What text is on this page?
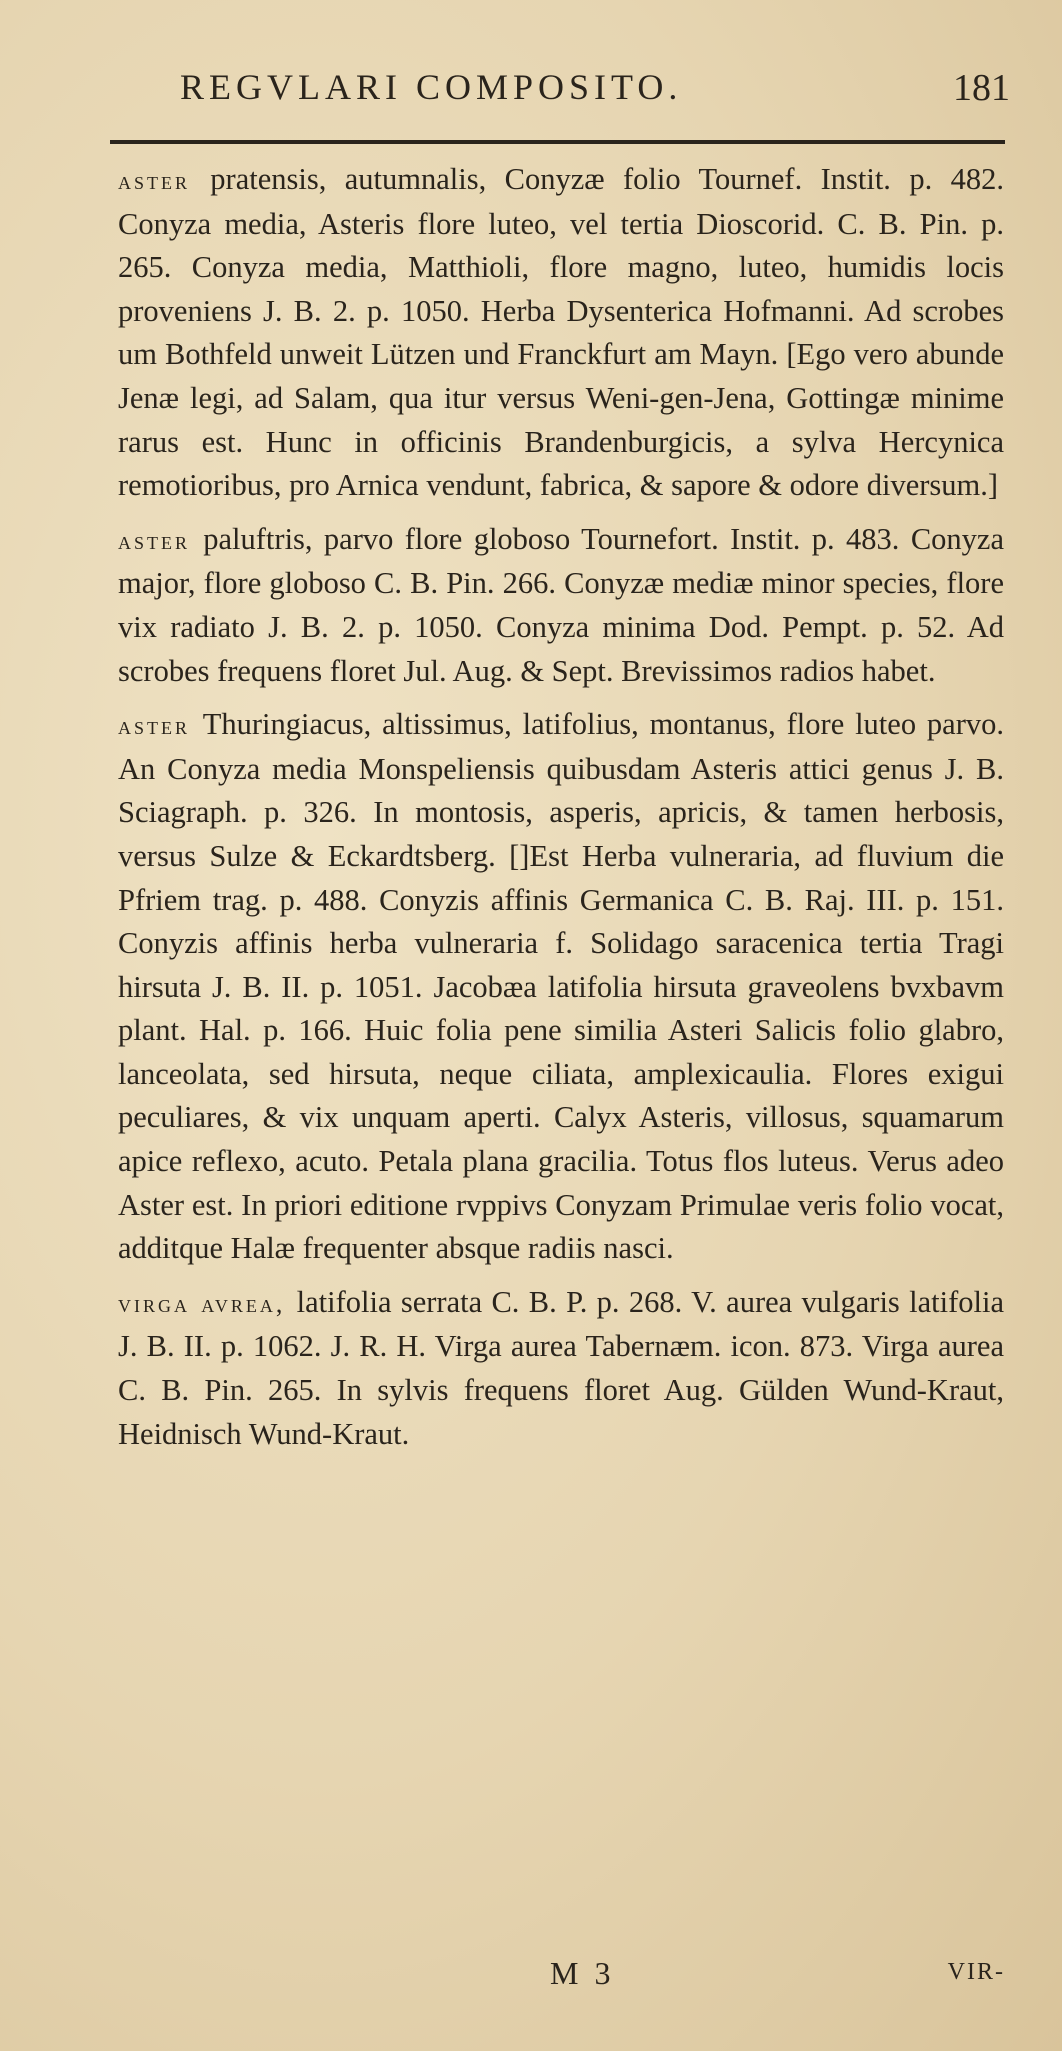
REGVLARI COMPOSITO.	181

aster pratensis, autumnalis, Conyzæ folio Tournef. Instit. p. 482. Conyza media, Asteris flore luteo, vel tertia Dioscorid. C. B. Pin. p. 265. Conyza media, Matthioli, flore magno, luteo, humidis locis proveniens J. B. 2. p. 1050. Herba Dysenterica Hofmanni. Ad scrobes um Bothfeld unweit Lützen und Franckfurt am Mayn. [Ego vero abunde Jenæ legi, ad Salam, qua itur versus Weni-gen-Jena, Gottingæ minime rarus est. Hunc in officinis Brandenburgicis, a sylva Hercynica remotioribus, pro Arnica vendunt, fabrica, & sapore & odore diversum.]

aster paluftris, parvo flore globoso Tournefort. Instit. p. 483. Conyza major, flore globoso C. B. Pin. 266. Conyzæ mediæ minor species, flore vix radiato J. B. 2. p. 1050. Conyza minima Dod. Pempt. p. 52. Ad scrobes frequens floret Jul. Aug. & Sept. Brevissimos radios habet.

aster Thuringiacus, altissimus, latifolius, montanus, flore luteo parvo. An Conyza media Monspeliensis quibusdam Asteris attici genus J. B. Sciagraph. p. 326. In montosis, asperis, apricis, & tamen herbosis, versus Sulze & Eckardtsberg. []Est Herba vulneraria, ad fluvium die Pfriem trag. p. 488. Conyzis affinis Germanica C. B. Raj. III. p. 151. Conyzis affinis herba vulneraria f. Solidago saracenica tertia Tragi hirsuta J. B. II. p. 1051. Jacobæa latifolia hirsuta graveolens bvxbavm plant. Hal. p. 166. Huic folia pene similia Asteri Salicis folio glabro, lanceolata, sed hirsuta, neque ciliata, amplexicaulia. Flores exigui peculiares, & vix unquam aperti. Calyx Asteris, villosus, squamarum apice reflexo, acuto. Petala plana gracilia. Totus flos luteus. Verus adeo Aster est. In priori editione rvppivs Conyzam Primulae veris folio vocat, additque Halæ frequenter absque radiis nasci.

virga avrea, latifolia serrata C. B. P. p. 268. V. aurea vulgaris latifolia J. B. II. p. 1062. J. R. H. Virga aurea Tabernæm. icon. 873. Virga aurea C. B. Pin. 265. In sylvis frequens floret Aug. Gülden Wund-Kraut, Heidnisch Wund-Kraut.

M 3	VIR-
